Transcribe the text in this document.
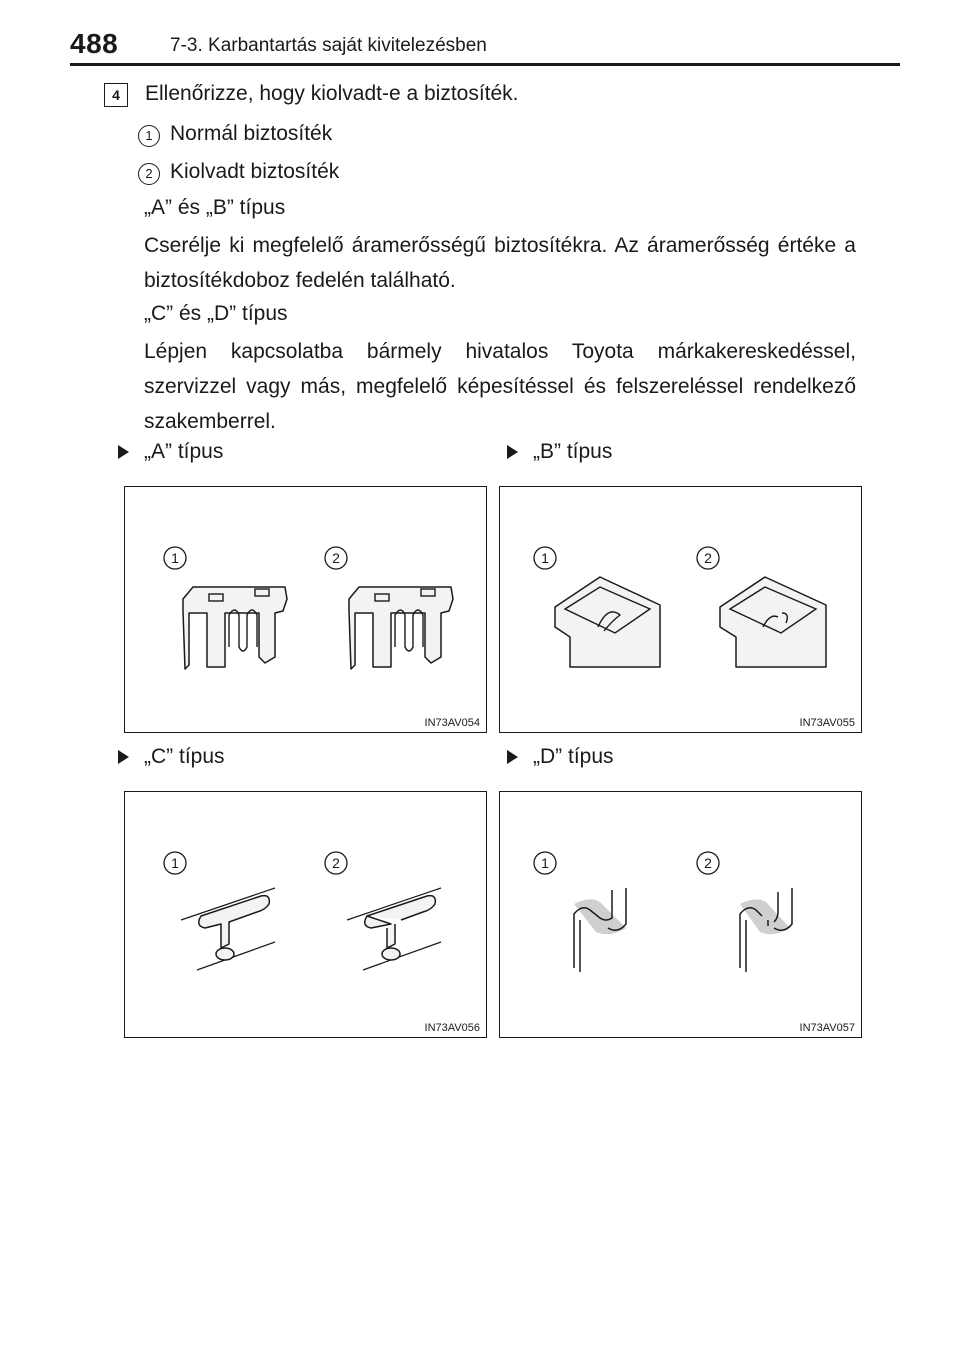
488	7-3. Karbantartás saját kivitelezésben
4	Ellenőrizze, hogy kiolvadt-e a biztosíték.
1 Normál biztosíték
2 Kiolvadt biztosíték
„A” és „B” típus
Cserélje ki megfelelő áramerősségű biztosítékra. Az áramerősség értéke a biztosítékdoboz fedelén található.
„C” és „D” típus
Lépjen kapcsolatba bármely hivatalos Toyota márkakereskedéssel, szervizzel vagy más, megfelelő képesítéssel és felszereléssel rendelkező szakemberrel.
„A” típus	„B” típus
„C” típus	„D” típus
1	2
IN73AV054
1	2
IN73AV055
1	2
IN73AV056
1	2
IN73AV057
